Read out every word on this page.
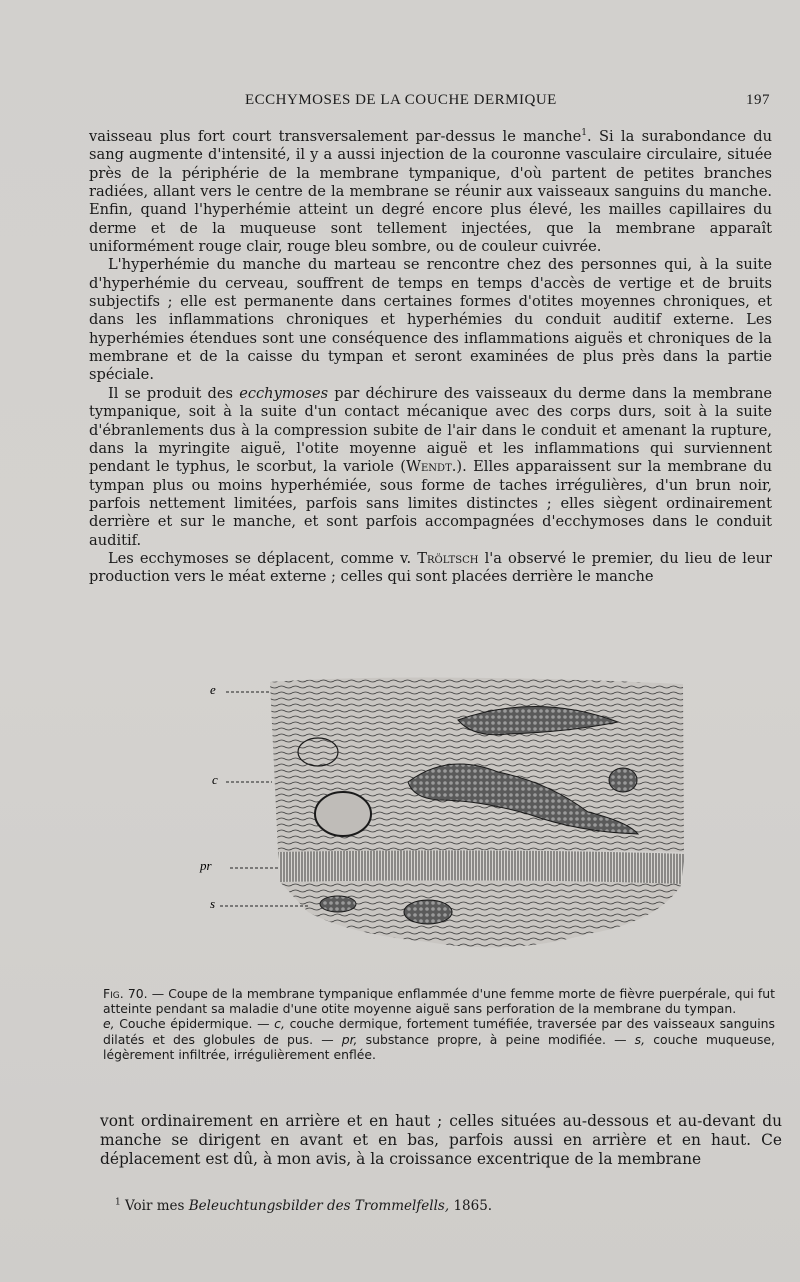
ECCHYMOSES DE LA COUCHE DERMIQUE	197

vaisseau plus fort court transversalement par-dessus le manche$^1$. Si la surabondance du sang augmente d'intensité, il y a aussi injection de la couronne vasculaire circulaire, située près de la périphérie de la membrane tympanique, d'où partent de petites branches radiées, allant vers le centre de la membrane se réunir aux vaisseaux sanguins du manche. Enfin, quand l'hyperhémie atteint un degré encore plus élevé, les mailles capillaires du derme et de la muqueuse sont tellement injectées, que la membrane apparaît uniformément rouge clair, rouge bleu sombre, ou de couleur cuivrée.

L'hyperhémie du manche du marteau se rencontre chez des personnes qui, à la suite d'hyperhémie du cerveau, souffrent de temps en temps d'accès de vertige et de bruits subjectifs ; elle est permanente dans certaines formes d'otites moyennes chroniques, et dans les inflammations chroniques et hyperhémies du conduit auditif externe. Les hyperhémies étendues sont une conséquence des inflammations aiguës et chroniques de la membrane et de la caisse du tympan et seront examinées de plus près dans la partie spéciale.

Il se produit des ecchymoses par déchirure des vaisseaux du derme dans la membrane tympanique, soit à la suite d'un contact mécanique avec des corps durs, soit à la suite d'ébranlements dus à la compression subite de l'air dans le conduit et amenant la rupture, dans la myringite aiguë, l'otite moyenne aiguë et les inflammations qui surviennent pendant le typhus, le scorbut, la variole (Wendt.). Elles apparaissent sur la membrane du tympan plus ou moins hyperhémiée, sous forme de taches irrégulières, d'un brun noir, parfois nettement limitées, parfois sans limites distinctes ; elles siègent ordinairement derrière et sur le manche, et sont parfois accompagnées d'ecchymoses dans le conduit auditif.

Les ecchymoses se déplacent, comme v. Tröltsch l'a observé le premier, du lieu de leur production vers le méat externe ; celles qui sont placées derrière le manche

e
c
pr
s

Fig. 70. — Coupe de la membrane tympanique enflammée d'une femme morte de fièvre puerpérale, qui fut atteinte pendant sa maladie d'une otite moyenne aiguë sans perforation de la membrane du tympan.

e, Couche épidermique. — c, couche dermique, fortement tuméfiée, traversée par des vaisseaux sanguins dilatés et des globules de pus. — pr, substance propre, à peine modifiée. — s, couche muqueuse, légèrement infiltrée, irrégulièrement enflée.

vont ordinairement en arrière et en haut ; celles situées au-dessous et au-devant du manche se dirigent en avant et en bas, parfois aussi en arrière et en haut. Ce déplacement est dû, à mon avis, à la croissance excentrique de la membrane

$^1$ Voir mes Beleuchtungsbilder des Trommelfells, 1865.
